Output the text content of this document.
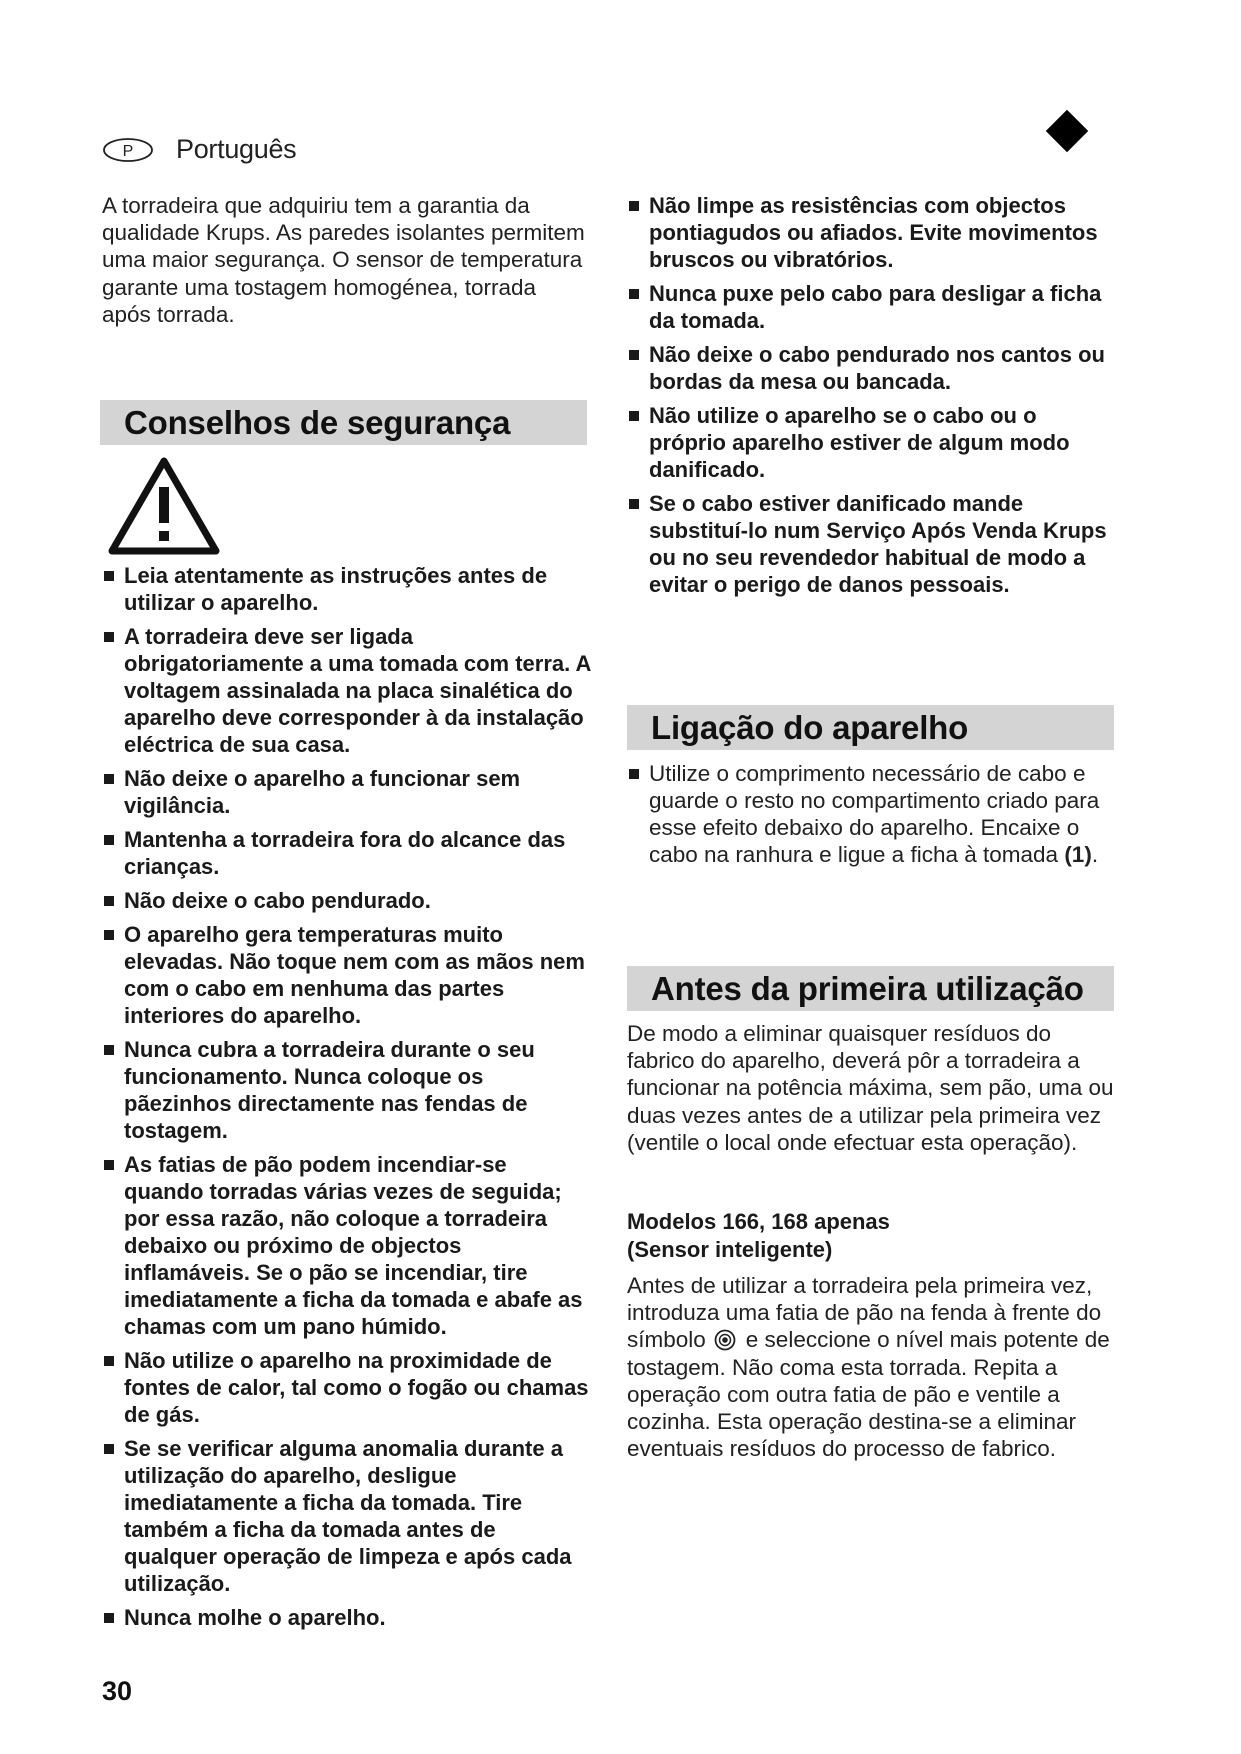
P Português

A torradeira que adquiriu tem a garantia da qualidade Krups. As paredes isolantes permitem uma maior segurança. O sensor de temperatura garante uma tostagem homogénea, torrada após torrada.

Conselhos de segurança
Leia atentamente as instruções antes de utilizar o aparelho.
A torradeira deve ser ligada obrigatoriamente a uma tomada com terra. A voltagem assinalada na placa sinalética do aparelho deve corresponder à da instalação eléctrica de sua casa.
Não deixe o aparelho a funcionar sem vigilância.
Mantenha a torradeira fora do alcance das crianças.
Não deixe o cabo pendurado.
O aparelho gera temperaturas muito elevadas. Não toque nem com as mãos nem com o cabo em nenhuma das partes interiores do aparelho.
Nunca cubra a torradeira durante o seu funcionamento. Nunca coloque os pãezinhos directamente nas fendas de tostagem.
As fatias de pão podem incendiar-se quando torradas várias vezes de seguida; por essa razão, não coloque a torradeira debaixo ou próximo de objectos inflamáveis. Se o pão se incendiar, tire imediatamente a ficha da tomada e abafe as chamas com um pano húmido.
Não utilize o aparelho na proximidade de fontes de calor, tal como o fogão ou chamas de gás.
Se se verificar alguma anomalia durante a utilização do aparelho, desligue imediatamente a ficha da tomada. Tire também a ficha da tomada antes de qualquer operação de limpeza e após cada utilização.
Nunca molhe o aparelho.
Não limpe as resistências com objectos pontiagudos ou afiados. Evite movimentos bruscos ou vibratórios.
Nunca puxe pelo cabo para desligar a ficha da tomada.
Não deixe o cabo pendurado nos cantos ou bordas da mesa ou bancada.
Não utilize o aparelho se o cabo ou o próprio aparelho estiver de algum modo danificado.
Se o cabo estiver danificado mande substituí-lo num Serviço Após Venda Krups ou no seu revendedor habitual de modo a evitar o perigo de danos pessoais.
Ligação do aparelho
Utilize o comprimento necessário de cabo e guarde o resto no compartimento criado para esse efeito debaixo do aparelho. Encaixe o cabo na ranhura e ligue a ficha à tomada (1).
Antes da primeira utilização

De modo a eliminar quaisquer resíduos do fabrico do aparelho, deverá pôr a torradeira a funcionar na potência máxima, sem pão, uma ou duas vezes antes de a utilizar pela primeira vez (ventile o local onde efectuar esta operação).

Modelos 166, 168 apenas
(Sensor inteligente)

Antes de utilizar a torradeira pela primeira vez, introduza uma fatia de pão na fenda à frente do símbolo e seleccione o nível mais potente de tostagem. Não coma esta torrada. Repita a operação com outra fatia de pão e ventile a cozinha. Esta operação destina-se a eliminar eventuais resíduos do processo de fabrico.

30
